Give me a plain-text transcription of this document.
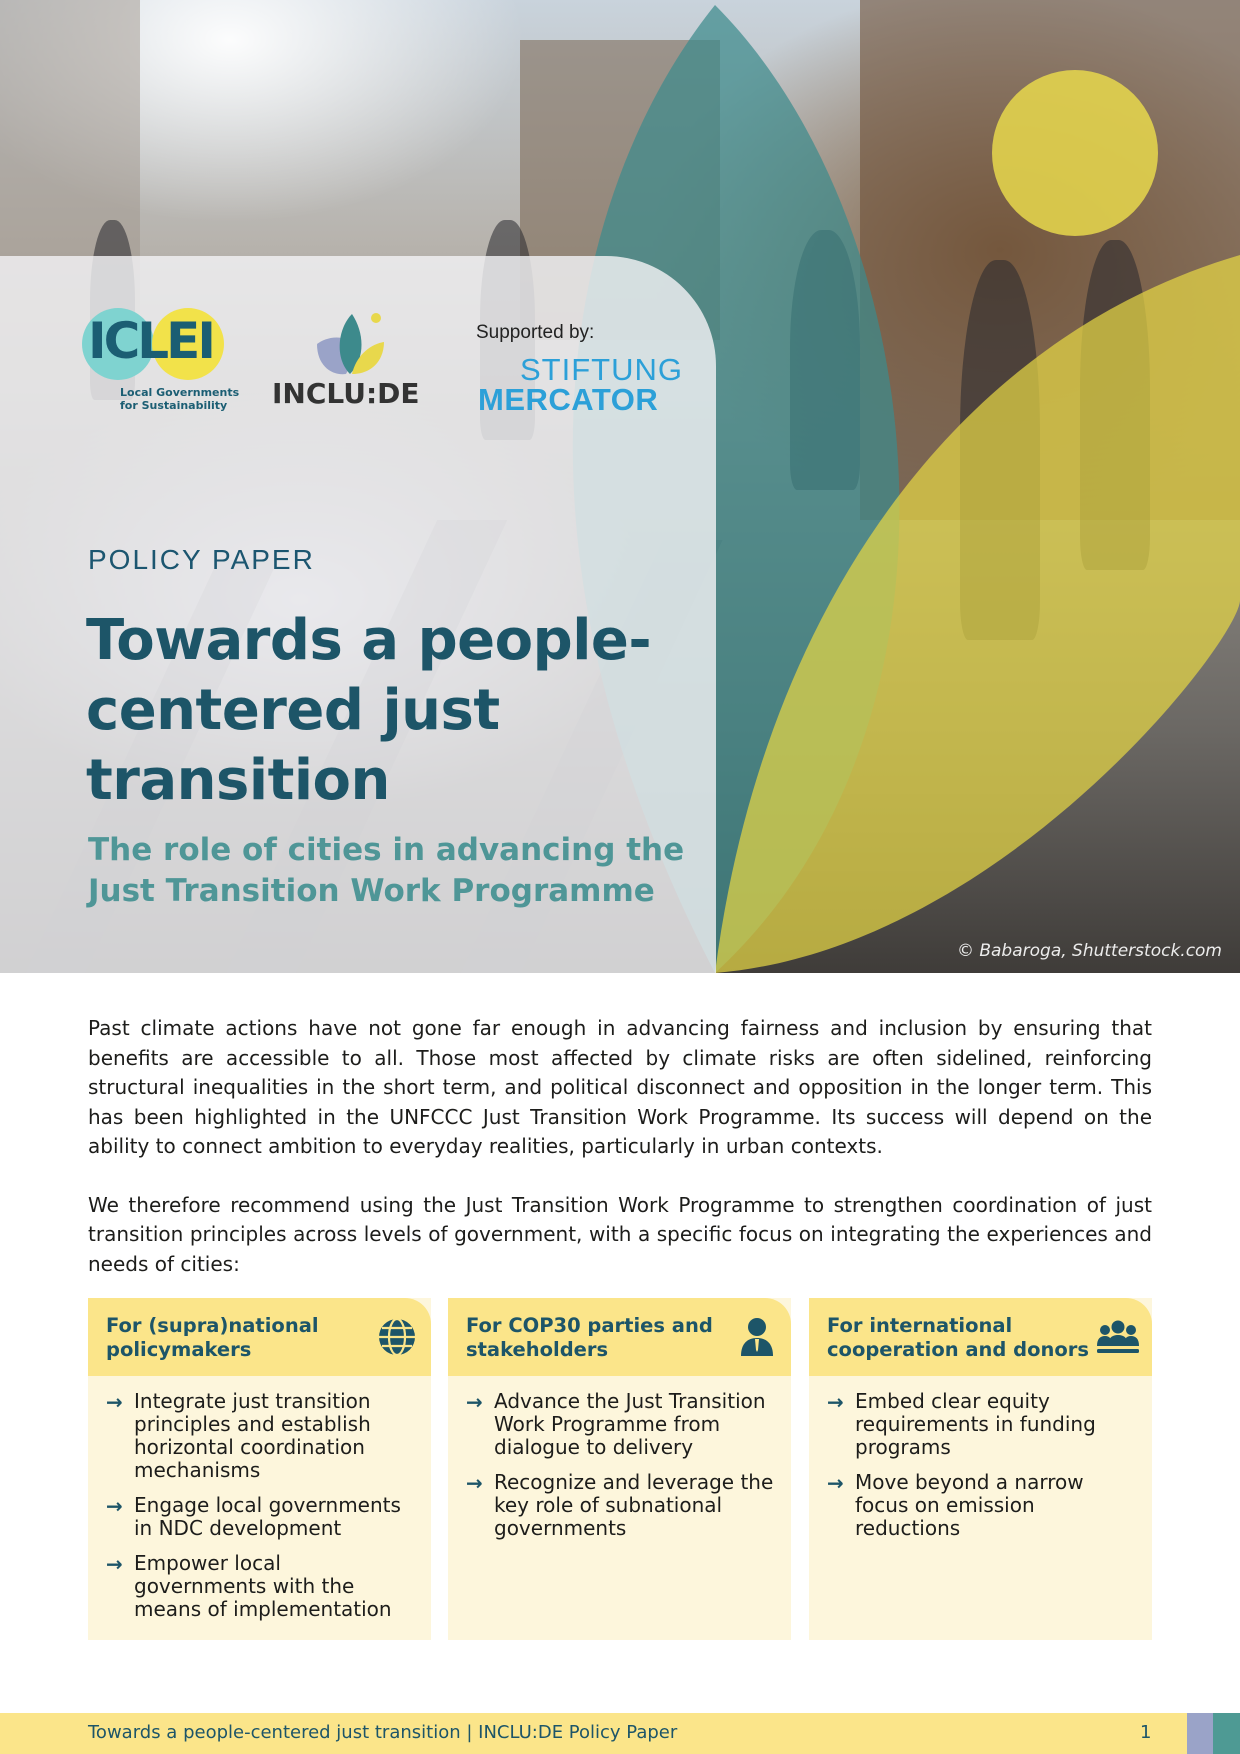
ICLEI
Local Governments for Sustainability	INCLU:DE
Supported by:
STIFTUNG
MERCATOR
POLICY PAPER
Towards a people-centered just transition
The role of cities in advancing the Just Transition Work Programme
© Babaroga, Shutterstock.com

Past climate actions have not gone far enough in advancing fairness and inclusion by ensuring that benefits are accessible to all. Those most affected by climate risks are often sidelined, reinforcing structural inequalities in the short term, and political disconnect and opposition in the longer term. This has been highlighted in the UNFCCC Just Transition Work Programme. Its success will depend on the ability to connect ambition to everyday realities, particularly in urban contexts.

We therefore recommend using the Just Transition Work Programme to strengthen coordination of just transition principles across levels of government, with a specific focus on integrating the experiences and needs of cities:

For (supra)national policymakers
→ Integrate just transition principles and establish horizontal coordination mechanisms
→ Engage local governments in NDC development
→ Empower local governments with the means of implementation
For COP30 parties and stakeholders
→ Advance the Just Transition Work Programme from dialogue to delivery
→ Recognize and leverage the key role of subnational governments
For international cooperation and donors
→ Embed clear equity requirements in funding programs
→ Move beyond a narrow focus on emission reductions
Towards a people-centered just transition | INCLU:DE Policy Paper	1
